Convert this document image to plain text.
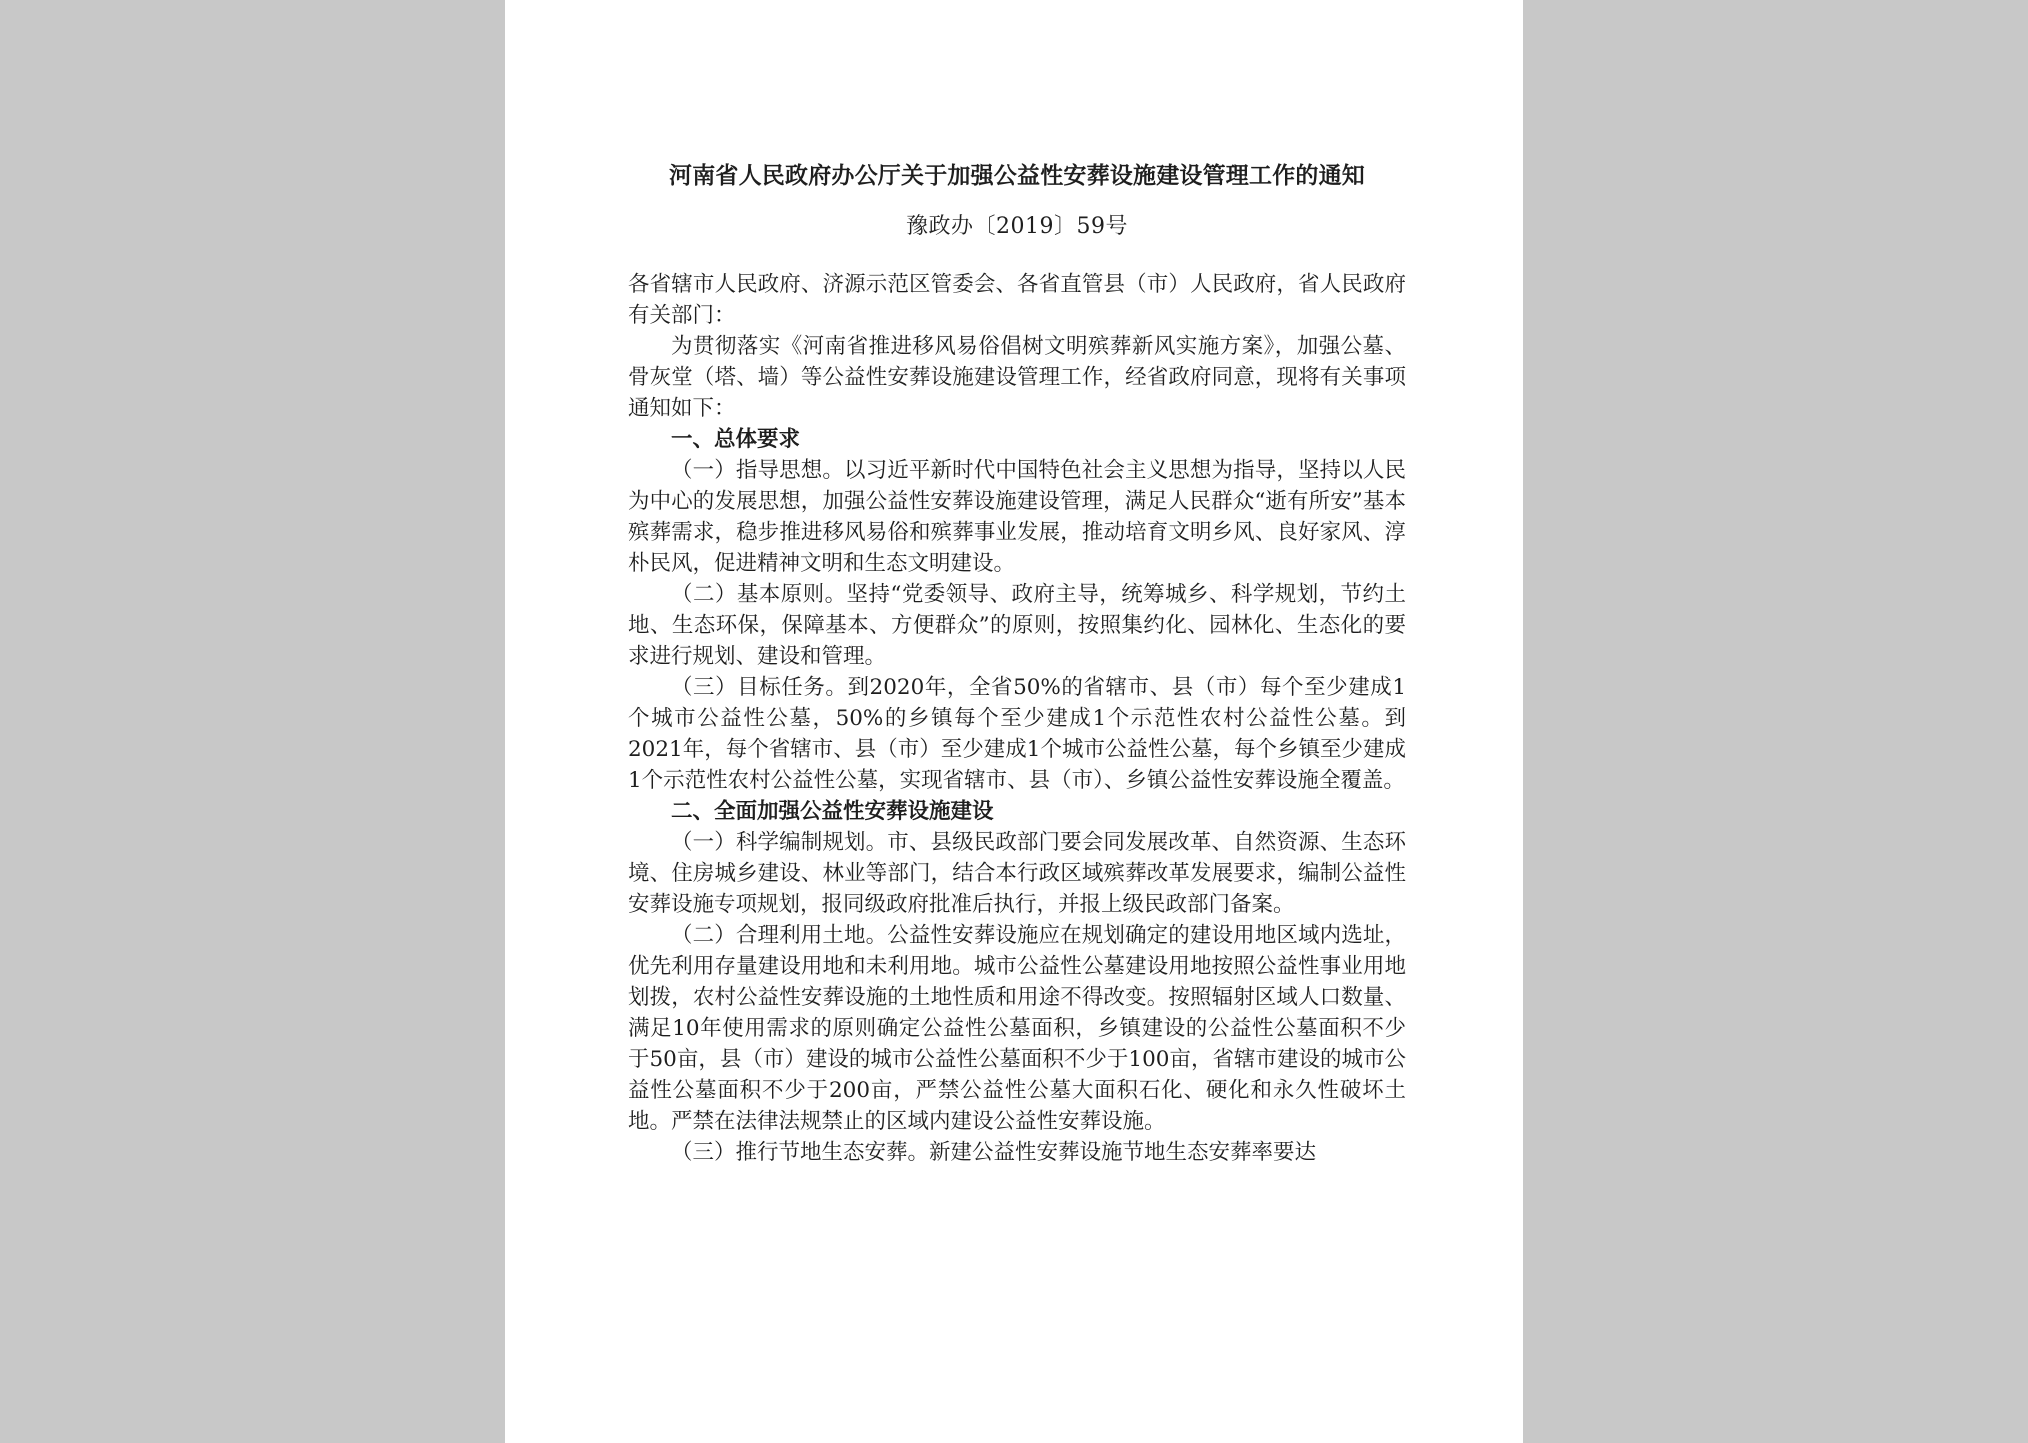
河南省人民政府办公厅关于加强公益性安葬设施建设管理工作的通知
豫政办〔2019〕59号

各省辖市人民政府、济源示范区管委会、各省直管县（市）人民政府，省人民政府有关部门：

为贯彻落实《河南省推进移风易俗倡树文明殡葬新风实施方案》，加强公墓、骨灰堂（塔、墙）等公益性安葬设施建设管理工作，经省政府同意，现将有关事项通知如下：

一、总体要求

（一）指导思想。以习近平新时代中国特色社会主义思想为指导，坚持以人民为中心的发展思想，加强公益性安葬设施建设管理，满足人民群众“逝有所安”基本殡葬需求，稳步推进移风易俗和殡葬事业发展，推动培育文明乡风、良好家风、淳朴民风，促进精神文明和生态文明建设。

（二）基本原则。坚持“党委领导、政府主导，统筹城乡、科学规划，节约土地、生态环保，保障基本、方便群众”的原则，按照集约化、园林化、生态化的要求进行规划、建设和管理。

（三）目标任务。到2020年，全省50%的省辖市、县（市）每个至少建成1个城市公益性公墓，50%的乡镇每个至少建成1个示范性农村公益性公墓。到2021年，每个省辖市、县（市）至少建成1个城市公益性公墓，每个乡镇至少建成1个示范性农村公益性公墓，实现省辖市、县（市）、乡镇公益性安葬设施全覆盖。

二、全面加强公益性安葬设施建设

（一）科学编制规划。市、县级民政部门要会同发展改革、自然资源、生态环境、住房城乡建设、林业等部门，结合本行政区域殡葬改革发展要求，编制公益性安葬设施专项规划，报同级政府批准后执行，并报上级民政部门备案。

（二）合理利用土地。公益性安葬设施应在规划确定的建设用地区域内选址，优先利用存量建设用地和未利用地。城市公益性公墓建设用地按照公益性事业用地划拨，农村公益性安葬设施的土地性质和用途不得改变。按照辐射区域人口数量、满足10年使用需求的原则确定公益性公墓面积，乡镇建设的公益性公墓面积不少于50亩，县（市）建设的城市公益性公墓面积不少于100亩，省辖市建设的城市公益性公墓面积不少于200亩，严禁公益性公墓大面积石化、硬化和永久性破坏土地。严禁在法律法规禁止的区域内建设公益性安葬设施。

（三）推行节地生态安葬。新建公益性安葬设施节地生态安葬率要达
